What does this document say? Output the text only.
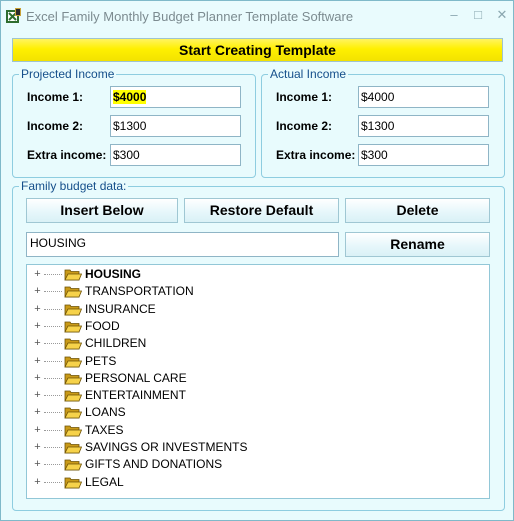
Excel Family Monthly Budget Planner Template Software	–	□	✕
Start Creating Template
Projected Income
Income 1: $4000
Income 2: $1300
Extra income: $300
Actual Income
Income 1: $4000
Income 2: $1300
Extra income: $300
Family budget data:
Insert Below	Restore Default	Delete
HOUSING	Rename
+	HOUSING
+	TRANSPORTATION
+	INSURANCE
+	FOOD
+	CHILDREN
+	PETS
+	PERSONAL CARE
+	ENTERTAINMENT
+	LOANS
+	TAXES
+	SAVINGS OR INVESTMENTS
+	GIFTS AND DONATIONS
+	LEGAL
